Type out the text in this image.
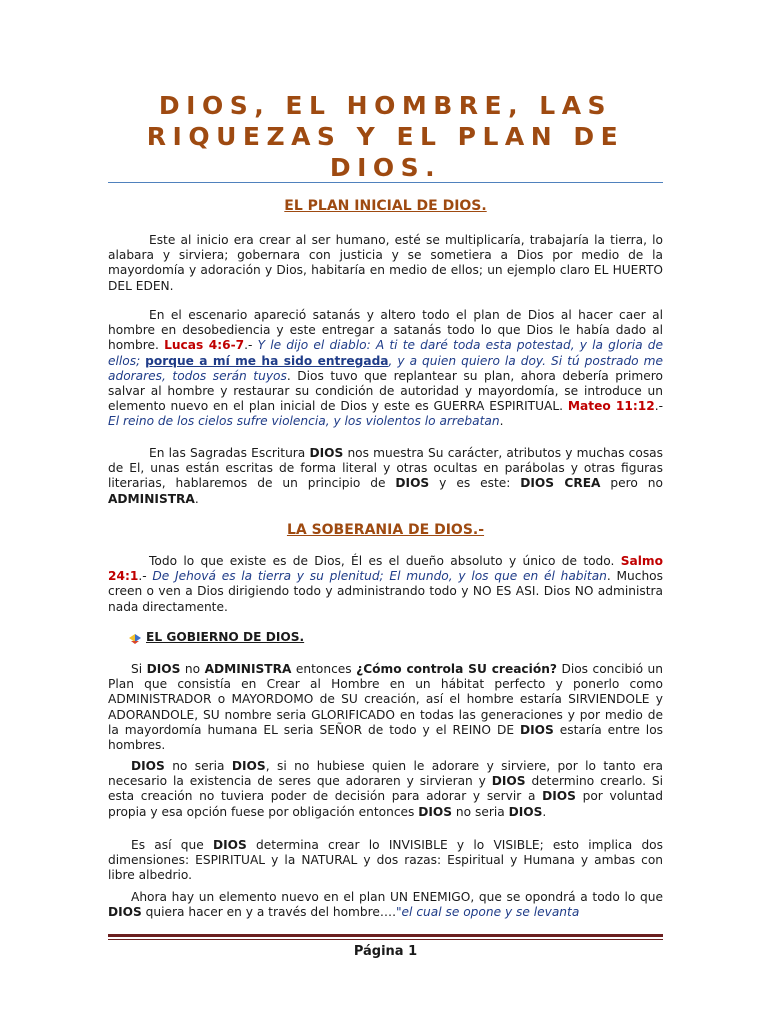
DIOS, EL HOMBRE, LAS RIQUEZAS Y EL PLAN DE DIOS.
EL PLAN INICIAL DE DIOS.

Este al inicio era crear al ser humano, esté se multiplicaría, trabajaría la tierra, lo alabara y sirviera; gobernara con justicia y se sometiera a Dios por medio de la mayordomía y adoración y Dios, habitaría en medio de ellos; un ejemplo claro EL HUERTO DEL EDEN.

En el escenario apareció satanás y altero todo el plan de Dios al hacer caer al hombre en desobediencia y este entregar a satanás todo lo que Dios le había dado al hombre. Lucas 4:6-7.- Y le dijo el diablo: A ti te daré toda esta potestad, y la gloria de ellos; porque a mí me ha sido entregada, y a quien quiero la doy. Si tú postrado me adorares, todos serán tuyos. Dios tuvo que replantear su plan, ahora debería primero salvar al hombre y restaurar su condición de autoridad y mayordomía, se introduce un elemento nuevo en el plan inicial de Dios y este es GUERRA ESPIRITUAL. Mateo 11:12.- El reino de los cielos sufre violencia, y los violentos lo arrebatan.

En las Sagradas Escritura DIOS nos muestra Su carácter, atributos y muchas cosas de El, unas están escritas de forma literal y otras ocultas en parábolas y otras figuras literarias, hablaremos de un principio de DIOS y es este: DIOS CREA pero no ADMINISTRA.

LA SOBERANIA DE DIOS.-

Todo lo que existe es de Dios, Él es el dueño absoluto y único de todo. Salmo 24:1.- De Jehová es la tierra y su plenitud; El mundo, y los que en él habitan. Muchos creen o ven a Dios dirigiendo todo y administrando todo y NO ES ASI. Dios NO administra nada directamente.

EL GOBIERNO DE DIOS.

Si DIOS no ADMINISTRA entonces ¿Cómo controla SU creación? Dios concibió un Plan que consistía en Crear al Hombre en un hábitat perfecto y ponerlo como ADMINISTRADOR o MAYORDOMO de SU creación, así el hombre estaría SIRVIENDOLE y ADORANDOLE, SU nombre seria GLORIFICADO en todas las generaciones y por medio de la mayordomía humana EL seria SEÑOR de todo y el REINO DE DIOS estaría entre los hombres.

DIOS no seria DIOS, si no hubiese quien le adorare y sirviere, por lo tanto era necesario la existencia de seres que adoraren y sirvieran y DIOS determino crearlo. Si esta creación no tuviera poder de decisión para adorar y servir a DIOS por voluntad propia y esa opción fuese por obligación entonces DIOS no seria DIOS.

Es así que DIOS determina crear lo INVISIBLE y lo VISIBLE; esto implica dos dimensiones: ESPIRITUAL y la NATURAL y dos razas: Espiritual y Humana y ambas con libre albedrio.

Ahora hay un elemento nuevo en el plan UN ENEMIGO, que se opondrá a todo lo que DIOS quiera hacer en y a través del hombre…."el cual se opone y se levanta

Página 1
